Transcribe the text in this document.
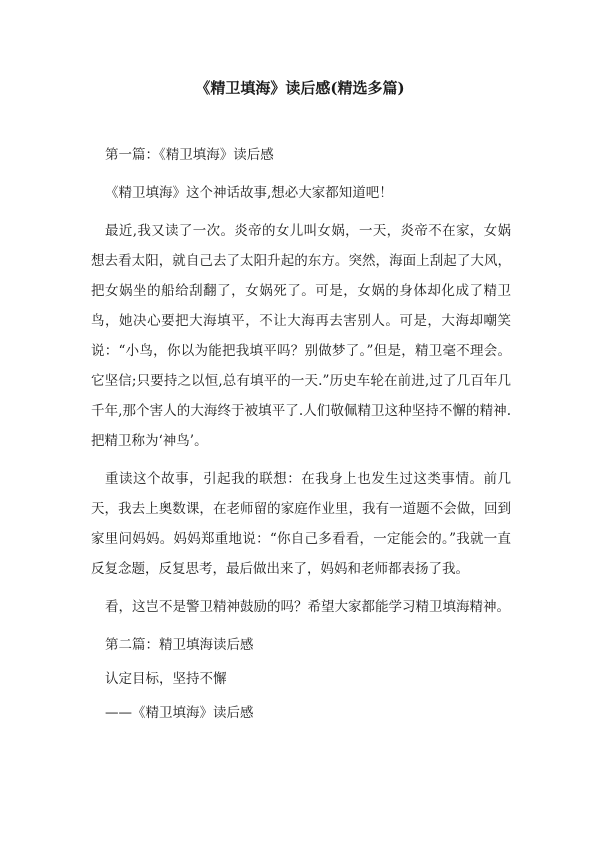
《精卫填海》读后感(精选多篇)

第一篇：《精卫填海》读后感

《精卫填海》这个神话故事,想必大家都知道吧！

最近,我又读了一次。炎帝的女儿叫女娲，一天，炎帝不在家，女娲想去看太阳，就自己去了太阳升起的东方。突然，海面上刮起了大风，把女娲坐的船给刮翻了，女娲死了。可是，女娲的身体却化成了精卫鸟，她决心要把大海填平，不让大海再去害别人。可是，大海却嘲笑说：“小鸟，你以为能把我填平吗？别做梦了。”但是，精卫毫不理会。它坚信;只要持之以恒,总有填平的一天.”历史车轮在前进,过了几百年几千年,那个害人的大海终于被填平了.人们敬佩精卫这种坚持不懈的精神.把精卫称为‘神鸟’。

重读这个故事，引起我的联想：在我身上也发生过这类事情。前几天，我去上奥数课，在老师留的家庭作业里，我有一道题不会做，回到家里问妈妈。妈妈郑重地说：“你自己多看看，一定能会的。”我就一直反复念题，反复思考，最后做出来了，妈妈和老师都表扬了我。

看，这岂不是警卫精神鼓励的吗？希望大家都能学习精卫填海精神。

第二篇：精卫填海读后感

认定目标，坚持不懈

——《精卫填海》读后感
